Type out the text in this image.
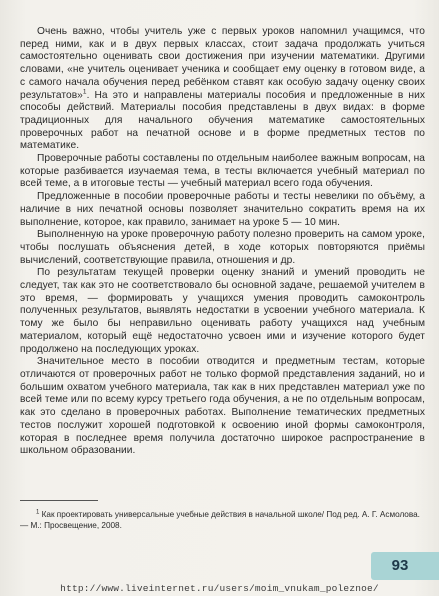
Очень важно, чтобы учитель уже с первых уроков напомнил учащимся, что перед ними, как и в двух первых классах, стоит задача продолжать учиться самостоятельно оценивать свои достижения при изучении математики. Другими словами, «не учитель оценивает ученика и сообщает ему оценку в готовом виде, а с самого начала обучения перед ребёнком ставят как особую задачу оценку своих результатов»$^1$. На это и направлены материалы пособия и предложенные в них способы действий. Материалы пособия представлены в двух видах: в форме традиционных для начального обучения математике самостоятельных проверочных работ на печатной основе и в форме предметных тестов по математике.

Проверочные работы составлены по отдельным наиболее важным вопросам, на которые разбивается изучаемая тема, в тесты включается учебный материал по всей теме, а в итоговые тесты — учебный материал всего года обучения.

Предложенные в пособии проверочные работы и тесты невелики по объёму, а наличие в них печатной основы позволяет значительно сократить время на их выполнение, которое, как правило, занимает на уроке 5 — 10 мин.

Выполненную на уроке проверочную работу полезно проверить на самом уроке, чтобы послушать объяснения детей, в ходе которых повторяются приёмы вычислений, соответствующие правила, отношения и др.

По результатам текущей проверки оценку знаний и умений проводить не следует, так как это не соответствовало бы основной задаче, решаемой учителем в это время, — формировать у учащихся умения проводить самоконтроль полученных результатов, выявлять недостатки в усвоении учебного материала. К тому же было бы неправильно оценивать работу учащихся над учебным материалом, который ещё недостаточно усвоен ими и изучение которого будет продолжено на последующих уроках.

Значительное место в пособии отводится и предметным тестам, которые отличаются от проверочных работ не только формой представления заданий, но и большим охватом учебного материала, так как в них представлен материал уже по всей теме или по всему курсу третьего года обучения, а не по отдельным вопросам, как это сделано в проверочных работах. Выполнение тематических предметных тестов послужит хорошей подготовкой к освоению иной формы самоконтроля, которая в последнее время получила достаточно широкое распространение в школьном образовании.

$^1$ Как проектировать универсальные учебные действия в начальной школе/ Под ред. А. Г. Асмолова. — М.: Просвещение, 2008.

93
http://www.liveinternet.ru/users/moim_vnukam_poleznoe/
